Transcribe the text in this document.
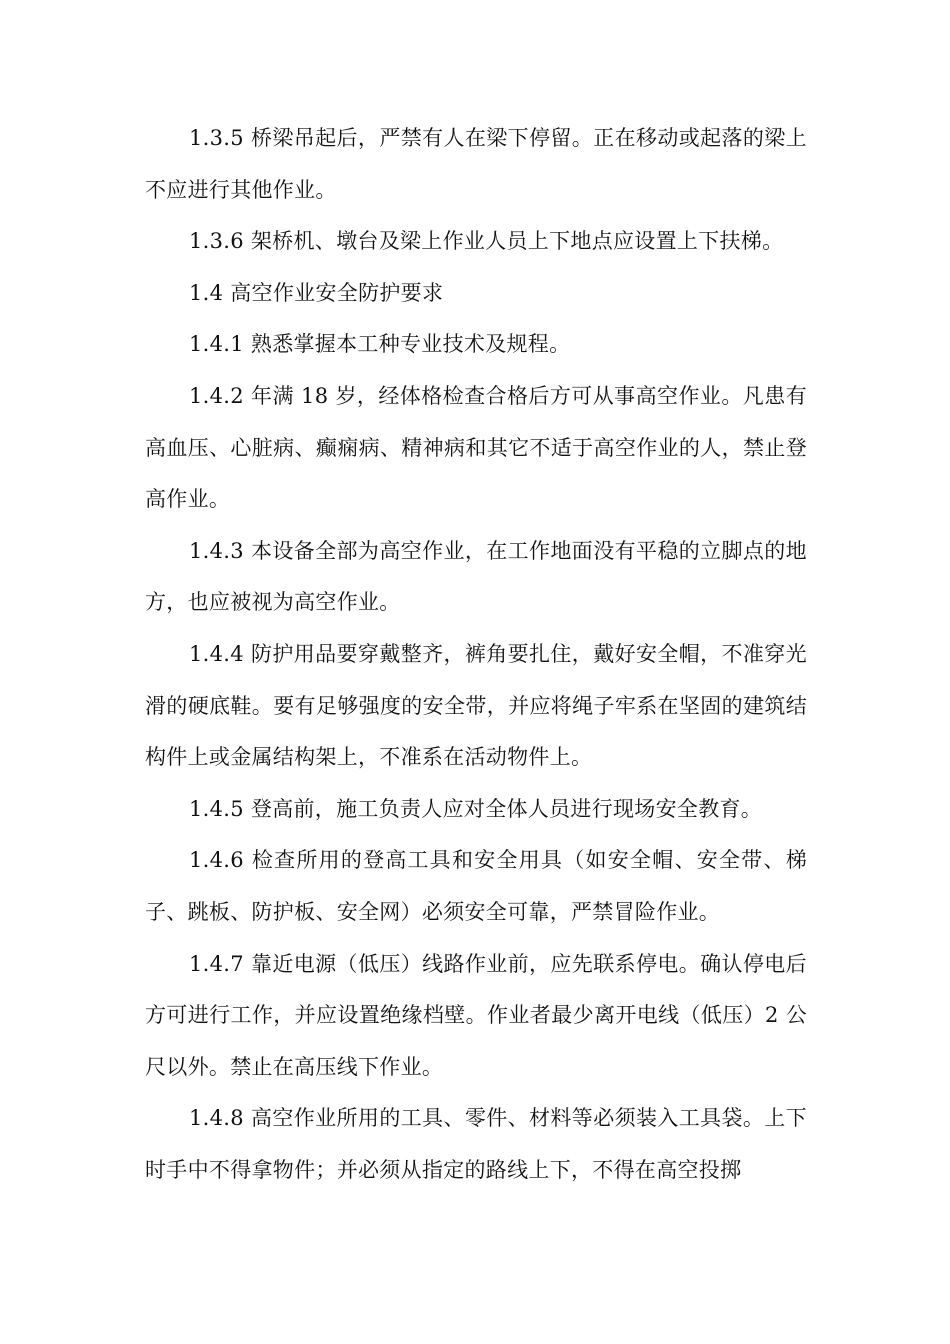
1.3.5 桥梁吊起后，严禁有人在梁下停留。正在移动或起落的梁上不应进行其他作业。

1.3.6 架桥机、墩台及梁上作业人员上下地点应设置上下扶梯。

1.4 高空作业安全防护要求

1.4.1 熟悉掌握本工种专业技术及规程。

1.4.2 年满 18 岁，经体格检查合格后方可从事高空作业。凡患有高血压、心脏病、癫痫病、精神病和其它不适于高空作业的人，禁止登高作业。

1.4.3 本设备全部为高空作业，在工作地面没有平稳的立脚点的地方，也应被视为高空作业。

1.4.4 防护用品要穿戴整齐，裤角要扎住，戴好安全帽，不准穿光滑的硬底鞋。要有足够强度的安全带，并应将绳子牢系在坚固的建筑结构件上或金属结构架上，不准系在活动物件上。

1.4.5 登高前，施工负责人应对全体人员进行现场安全教育。

1.4.6 检查所用的登高工具和安全用具（如安全帽、安全带、梯子、跳板、防护板、安全网）必须安全可靠，严禁冒险作业。

1.4.7 靠近电源（低压）线路作业前，应先联系停电。确认停电后方可进行工作，并应设置绝缘档壁。作业者最少离开电线（低压）2 公尺以外。禁止在高压线下作业。

1.4.8 高空作业所用的工具、零件、材料等必须装入工具袋。上下时手中不得拿物件；并必须从指定的路线上下，不得在高空投掷
